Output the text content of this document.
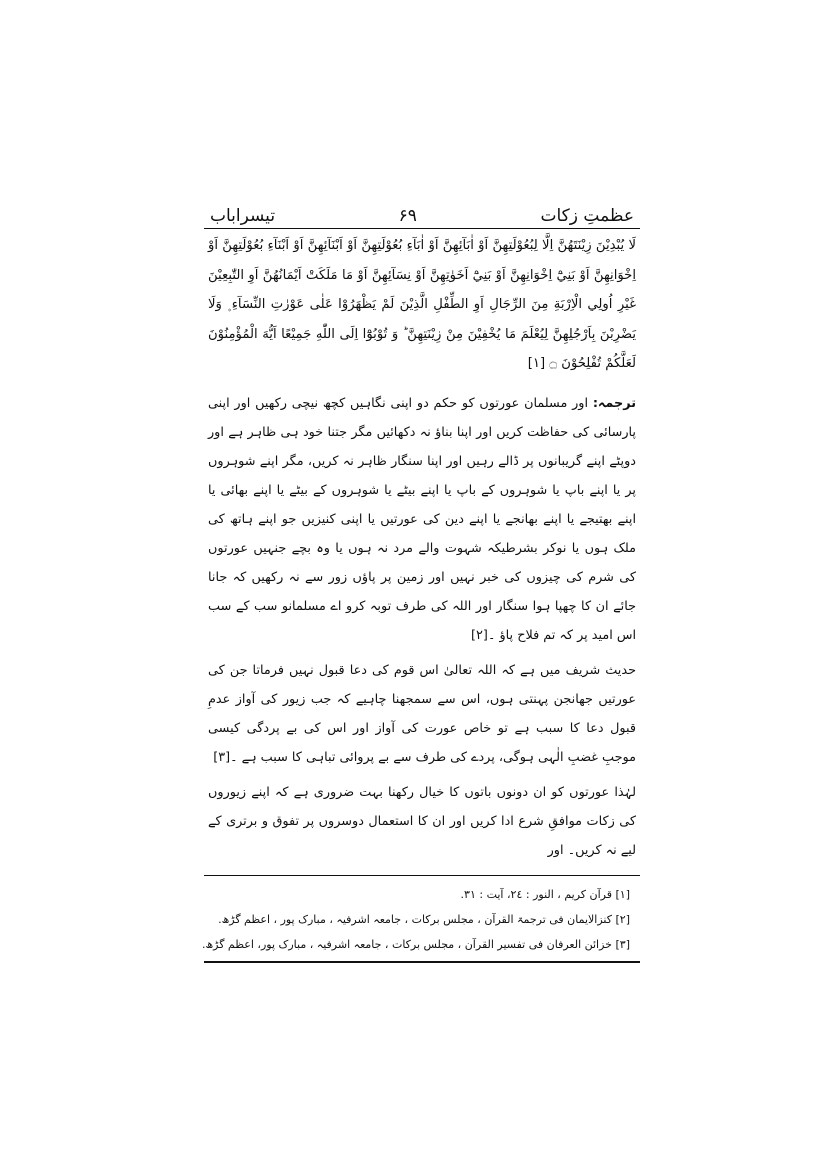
عظمتِ زکات
۶۹
تیسراباب
لَا يُبْدِيْنَ زِيْنَتَهُنَّ اِلَّا لِبُعُوْلَتِهِنَّ اَوْ اٰبَآئِهِنَّ اَوْ اٰبَآءِ بُعُوْلَتِهِنَّ اَوْ اَبْنَآئِهِنَّ اَوْ اَبْنَآءِ بُعُوْلَتِهِنَّ اَوْ اِخْوَانِهِنَّ اَوْ بَنِيْٓ اِخْوَانِهِنَّ اَوْ بَنِيْٓ اَخَوٰتِهِنَّ اَوْ نِسَآئِهِنَّ اَوْ مَا مَلَكَتْ اَيْمَانُهُنَّ اَوِ التّٰبِعِيْنَ غَيْرِ اُولِي الْاِرْبَةِ مِنَ الرِّجَالِ اَوِ الطِّفْلِ الَّذِيْنَ لَمْ يَظْهَرُوْا عَلٰى عَوْرٰتِ النِّسَآءِ ۪ وَلَا يَضْرِبْنَ بِاَرْجُلِهِنَّ لِيُعْلَمَ مَا يُخْفِيْنَ مِنْ زِيْنَتِهِنَّ ؕ وَ تُوْبُوْٓا اِلَى اللّٰهِ جَمِيْعًا اَيُّهَ الْمُؤْمِنُوْنَ لَعَلَّكُمْ تُفْلِحُوْنَ ۝ [۱]
ترجمہ: اور مسلمان عورتوں کو حکم دو اپنی نگاہیں کچھ نیچی رکھیں اور اپنی پارسائی کی حفاظت کریں اور اپنا بناؤ نہ دکھائیں مگر جتنا خود ہی ظاہر ہے اور دوپٹے اپنے گریبانوں پر ڈالے رہیں اور اپنا سنگار ظاہر نہ کریں، مگر اپنے شوہروں پر یا اپنے باپ یا شوہروں کے باپ یا اپنے بیٹے یا شوہروں کے بیٹے یا اپنے بھائی یا اپنے بھتیجے یا اپنے بھانجے یا اپنے دین کی عورتیں یا اپنی کنیزیں جو اپنے ہاتھ کی ملک ہوں یا نوکر بشرطیکہ شہوت والے مرد نہ ہوں یا وہ بچے جنہیں عورتوں کی شرم کی چیزوں کی خبر نہیں اور زمین پر پاؤں زور سے نہ رکھیں کہ جانا جائے ان کا چھپا ہوا سنگار اور اللہ کی طرف توبہ کرو اے مسلمانو سب کے سب اس امید پر کہ تم فلاح پاؤ ۔[۲]
حدیث شریف میں ہے کہ اللہ تعالیٰ اس قوم کی دعا قبول نہیں فرماتا جن کی عورتیں جھانجن پہنتی ہوں، اس سے سمجھنا چاہیے کہ جب زیور کی آواز عدمِ قبول دعا کا سبب ہے تو خاص عورت کی آواز اور اس کی بے پردگی کیسی موجبِ غضبِ الٰہی ہوگی، پردے کی طرف سے بے پروائی تباہی کا سبب ہے ۔[۳]
لہٰذا عورتوں کو ان دونوں باتوں کا خیال رکھنا بہت ضروری ہے کہ اپنے زیوروں کی زکات موافقِ شرع ادا کریں اور ان کا استعمال دوسروں پر تفوق و برتری کے لیے نہ کریں۔ اور
[۱] قرآن کریم ، النور : ۲٤، آیت : ۳۱.
[۲] کنزالایمان فی ترجمۃ القرآن ، مجلس برکات ، جامعہ اشرفیہ ، مبارک پور ، اعظم گڑھ.
[۳] خزائن العرفان فی تفسیر القرآن ، مجلس برکات ، جامعہ اشرفیہ ، مبارک پور، اعظم گڑھ.
